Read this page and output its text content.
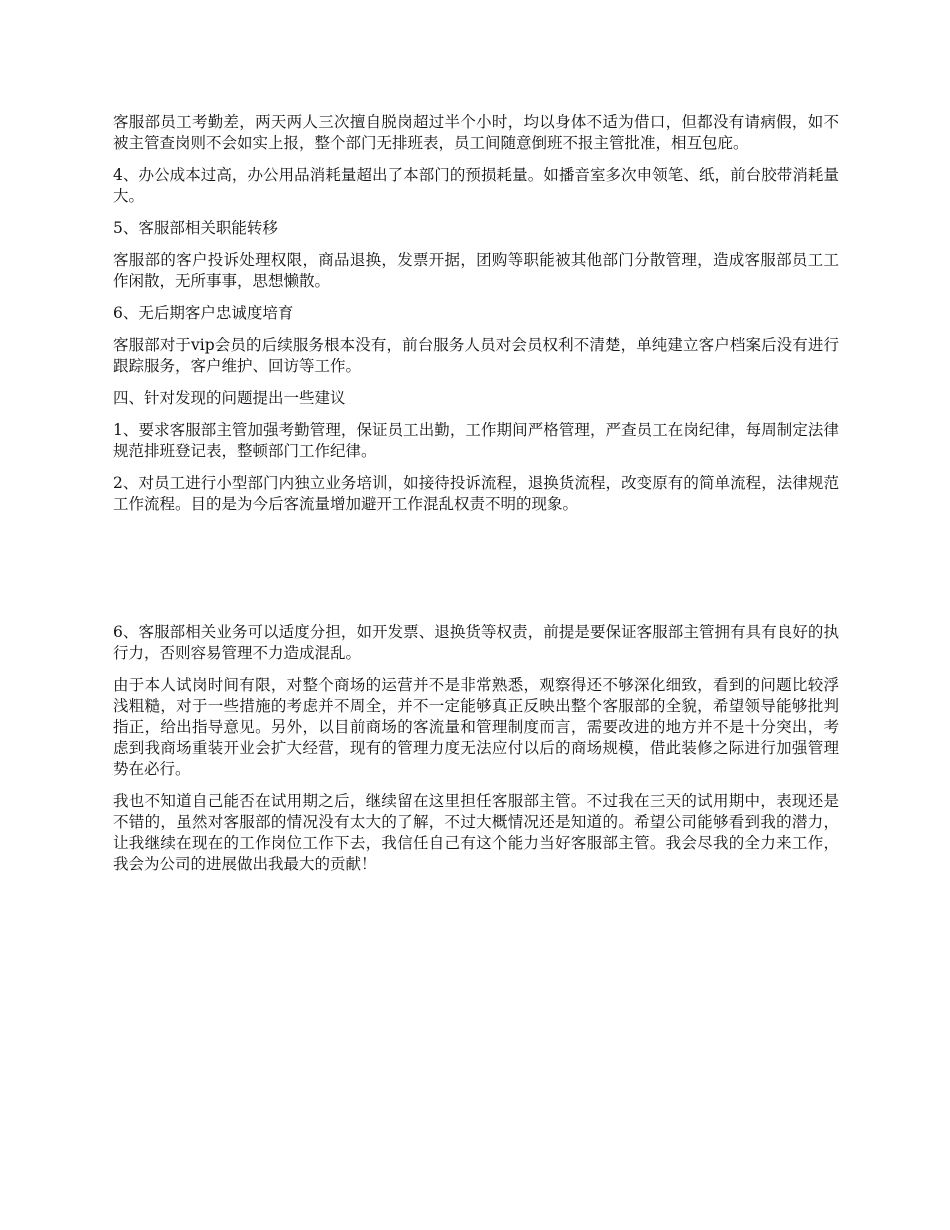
客服部员工考勤差，两天两人三次擅自脱岗超过半个小时，均以身体不适为借口，但都没有请病假，如不被主管查岗则不会如实上报，整个部门无排班表，员工间随意倒班不报主管批准，相互包庇。

4、办公成本过高，办公用品消耗量超出了本部门的预损耗量。如播音室多次申领笔、纸，前台胶带消耗量大。

5、客服部相关职能转移

客服部的客户投诉处理权限，商品退换，发票开据，团购等职能被其他部门分散管理，造成客服部员工工作闲散，无所事事，思想懒散。

6、无后期客户忠诚度培育

客服部对于vip会员的后续服务根本没有，前台服务人员对会员权利不清楚，单纯建立客户档案后没有进行跟踪服务，客户维护、回访等工作。

四、针对发现的问题提出一些建议

1、要求客服部主管加强考勤管理，保证员工出勤，工作期间严格管理，严查员工在岗纪律，每周制定法律规范排班登记表，整顿部门工作纪律。

2、对员工进行小型部门内独立业务培训，如接待投诉流程，退换货流程，改变原有的简单流程，法律规范工作流程。目的是为今后客流量增加避开工作混乱权责不明的现象。

6、客服部相关业务可以适度分担，如开发票、退换货等权责，前提是要保证客服部主管拥有具有良好的执行力，否则容易管理不力造成混乱。

由于本人试岗时间有限，对整个商场的运营并不是非常熟悉，观察得还不够深化细致，看到的问题比较浮浅粗糙，对于一些措施的考虑并不周全，并不一定能够真正反映出整个客服部的全貌，希望领导能够批判指正，给出指导意见。另外，以目前商场的客流量和管理制度而言，需要改进的地方并不是十分突出，考虑到我商场重装开业会扩大经营，现有的管理力度无法应付以后的商场规模，借此装修之际进行加强管理势在必行。

我也不知道自己能否在试用期之后，继续留在这里担任客服部主管。不过我在三天的试用期中，表现还是不错的，虽然对客服部的情况没有太大的了解，不过大概情况还是知道的。希望公司能够看到我的潜力，让我继续在现在的工作岗位工作下去，我信任自己有这个能力当好客服部主管。我会尽我的全力来工作，我会为公司的进展做出我最大的贡献！
